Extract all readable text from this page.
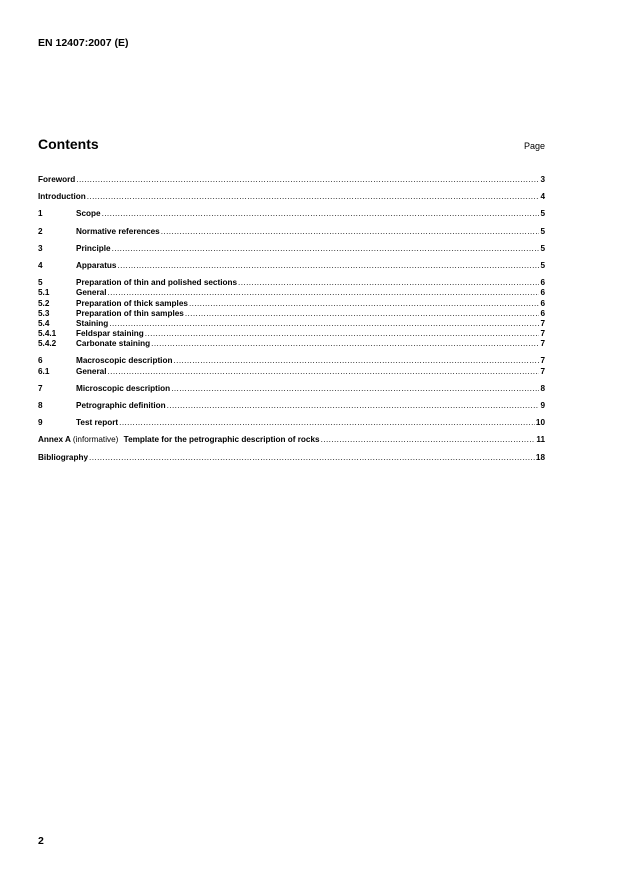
EN 12407:2007 (E)
Contents	Page
Foreword .....	3
Introduction .....	4
1	Scope .....	5
2	Normative references .....	5
3	Principle .....	5
4	Apparatus .....	5
5	Preparation of thin and polished sections .....	6
5.1	General .....	6
5.2	Preparation of thick samples .....	6
5.3	Preparation of thin samples .....	6
5.4	Staining .....	7
5.4.1	Feldspar staining .....	7
5.4.2	Carbonate staining .....	7
6	Macroscopic description .....	7
6.1	General .....	7
7	Microscopic description .....	8
8	Petrographic definition .....	9
9	Test report .....	10
Annex A (informative) Template for the petrographic description of rocks .....	11
Bibliography .....	18
2
